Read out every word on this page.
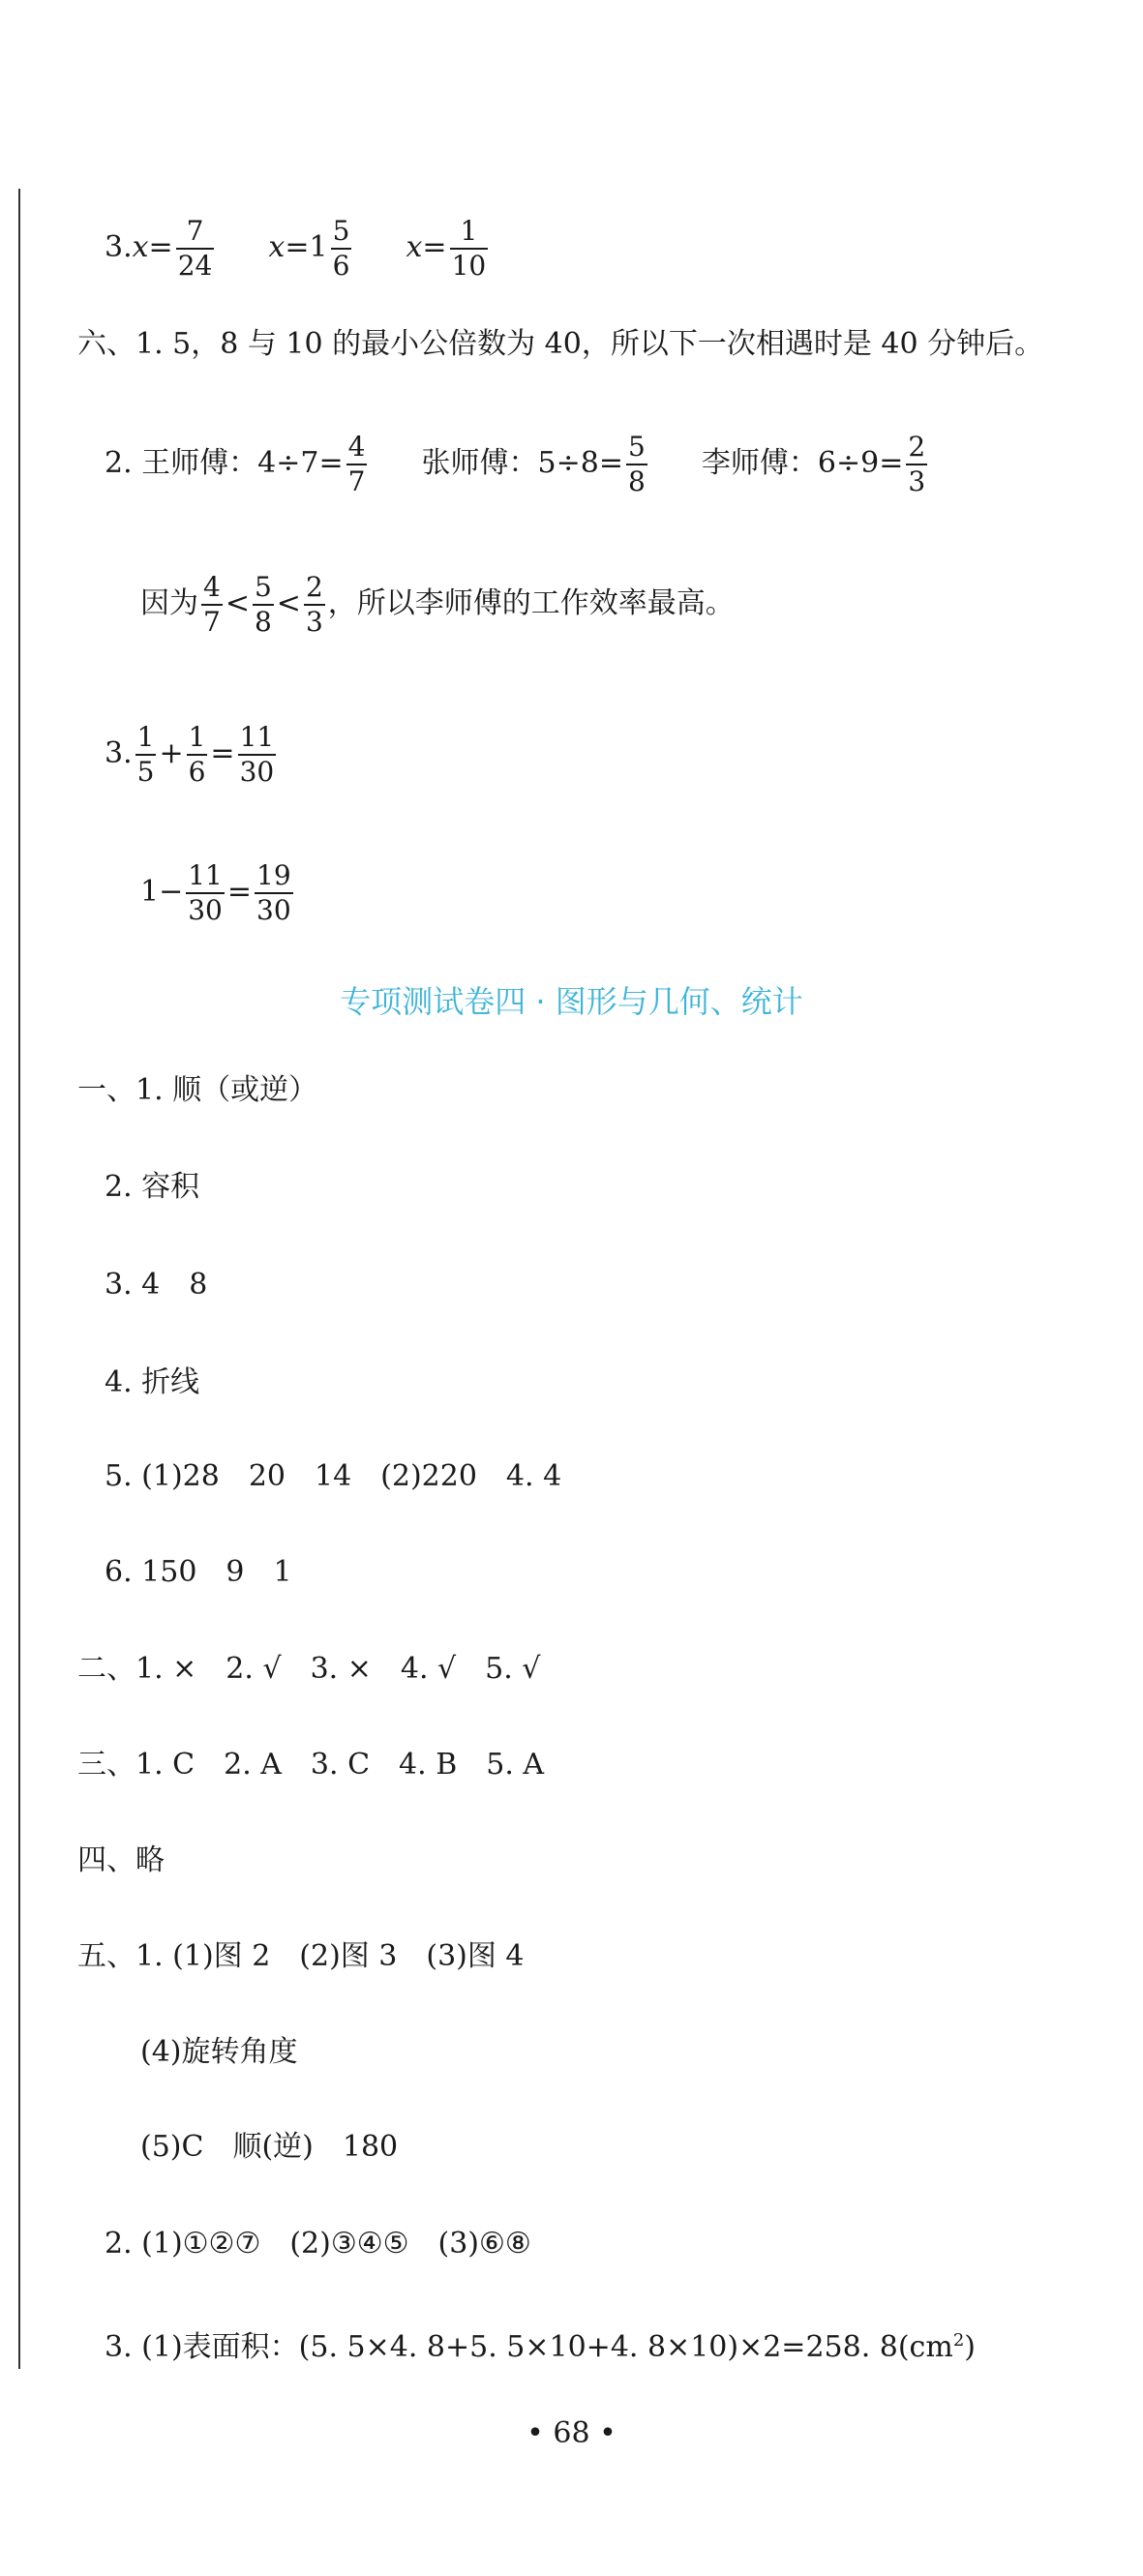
$3.x= \frac{7}{24} x=1 \frac{5}{6} x= \frac{1}{10}$
六、1. 5，8 与 10 的最小公倍数为 40，所以下一次相遇时是 40 分钟后。
2. 王师傅：$4\div 7= \frac{4}{7}$ 张师傅：$5\div 8= \frac{5}{8}$ 李师傅：$6\div 9= \frac{2}{3}$
因为 $\frac{4}{7} < \frac{5}{8} < \frac{2}{3}$ ，所以李师傅的工作效率最高。
3. $\frac{1}{5} + \frac{1}{6} = \frac{11}{30}$
$1- \frac{11}{30} = \frac{19}{30}$
专项测试卷四 · 图形与几何、统计
一、1. 顺（或逆）
2. 容积
3. 4　8
4. 折线
5. (1)28　20　14　(2)220　4. 4
6. 150　9　1
二、1. ×　2. √　3. ×　4. √　5. √
三、1. C　2. A　3. C　4. B　5. A
四、略
五、1. (1)图 2　(2)图 3　(3)图 4
(4)旋转角度
(5)C　顺(逆)　180
2. (1)①②⑦　(2)③④⑤　(3)⑥⑧
3. (1)表面积：(5. 5×4. 8+5. 5×10+4. 8×10)×2=258. $8(cm^2)$
• 68 •
